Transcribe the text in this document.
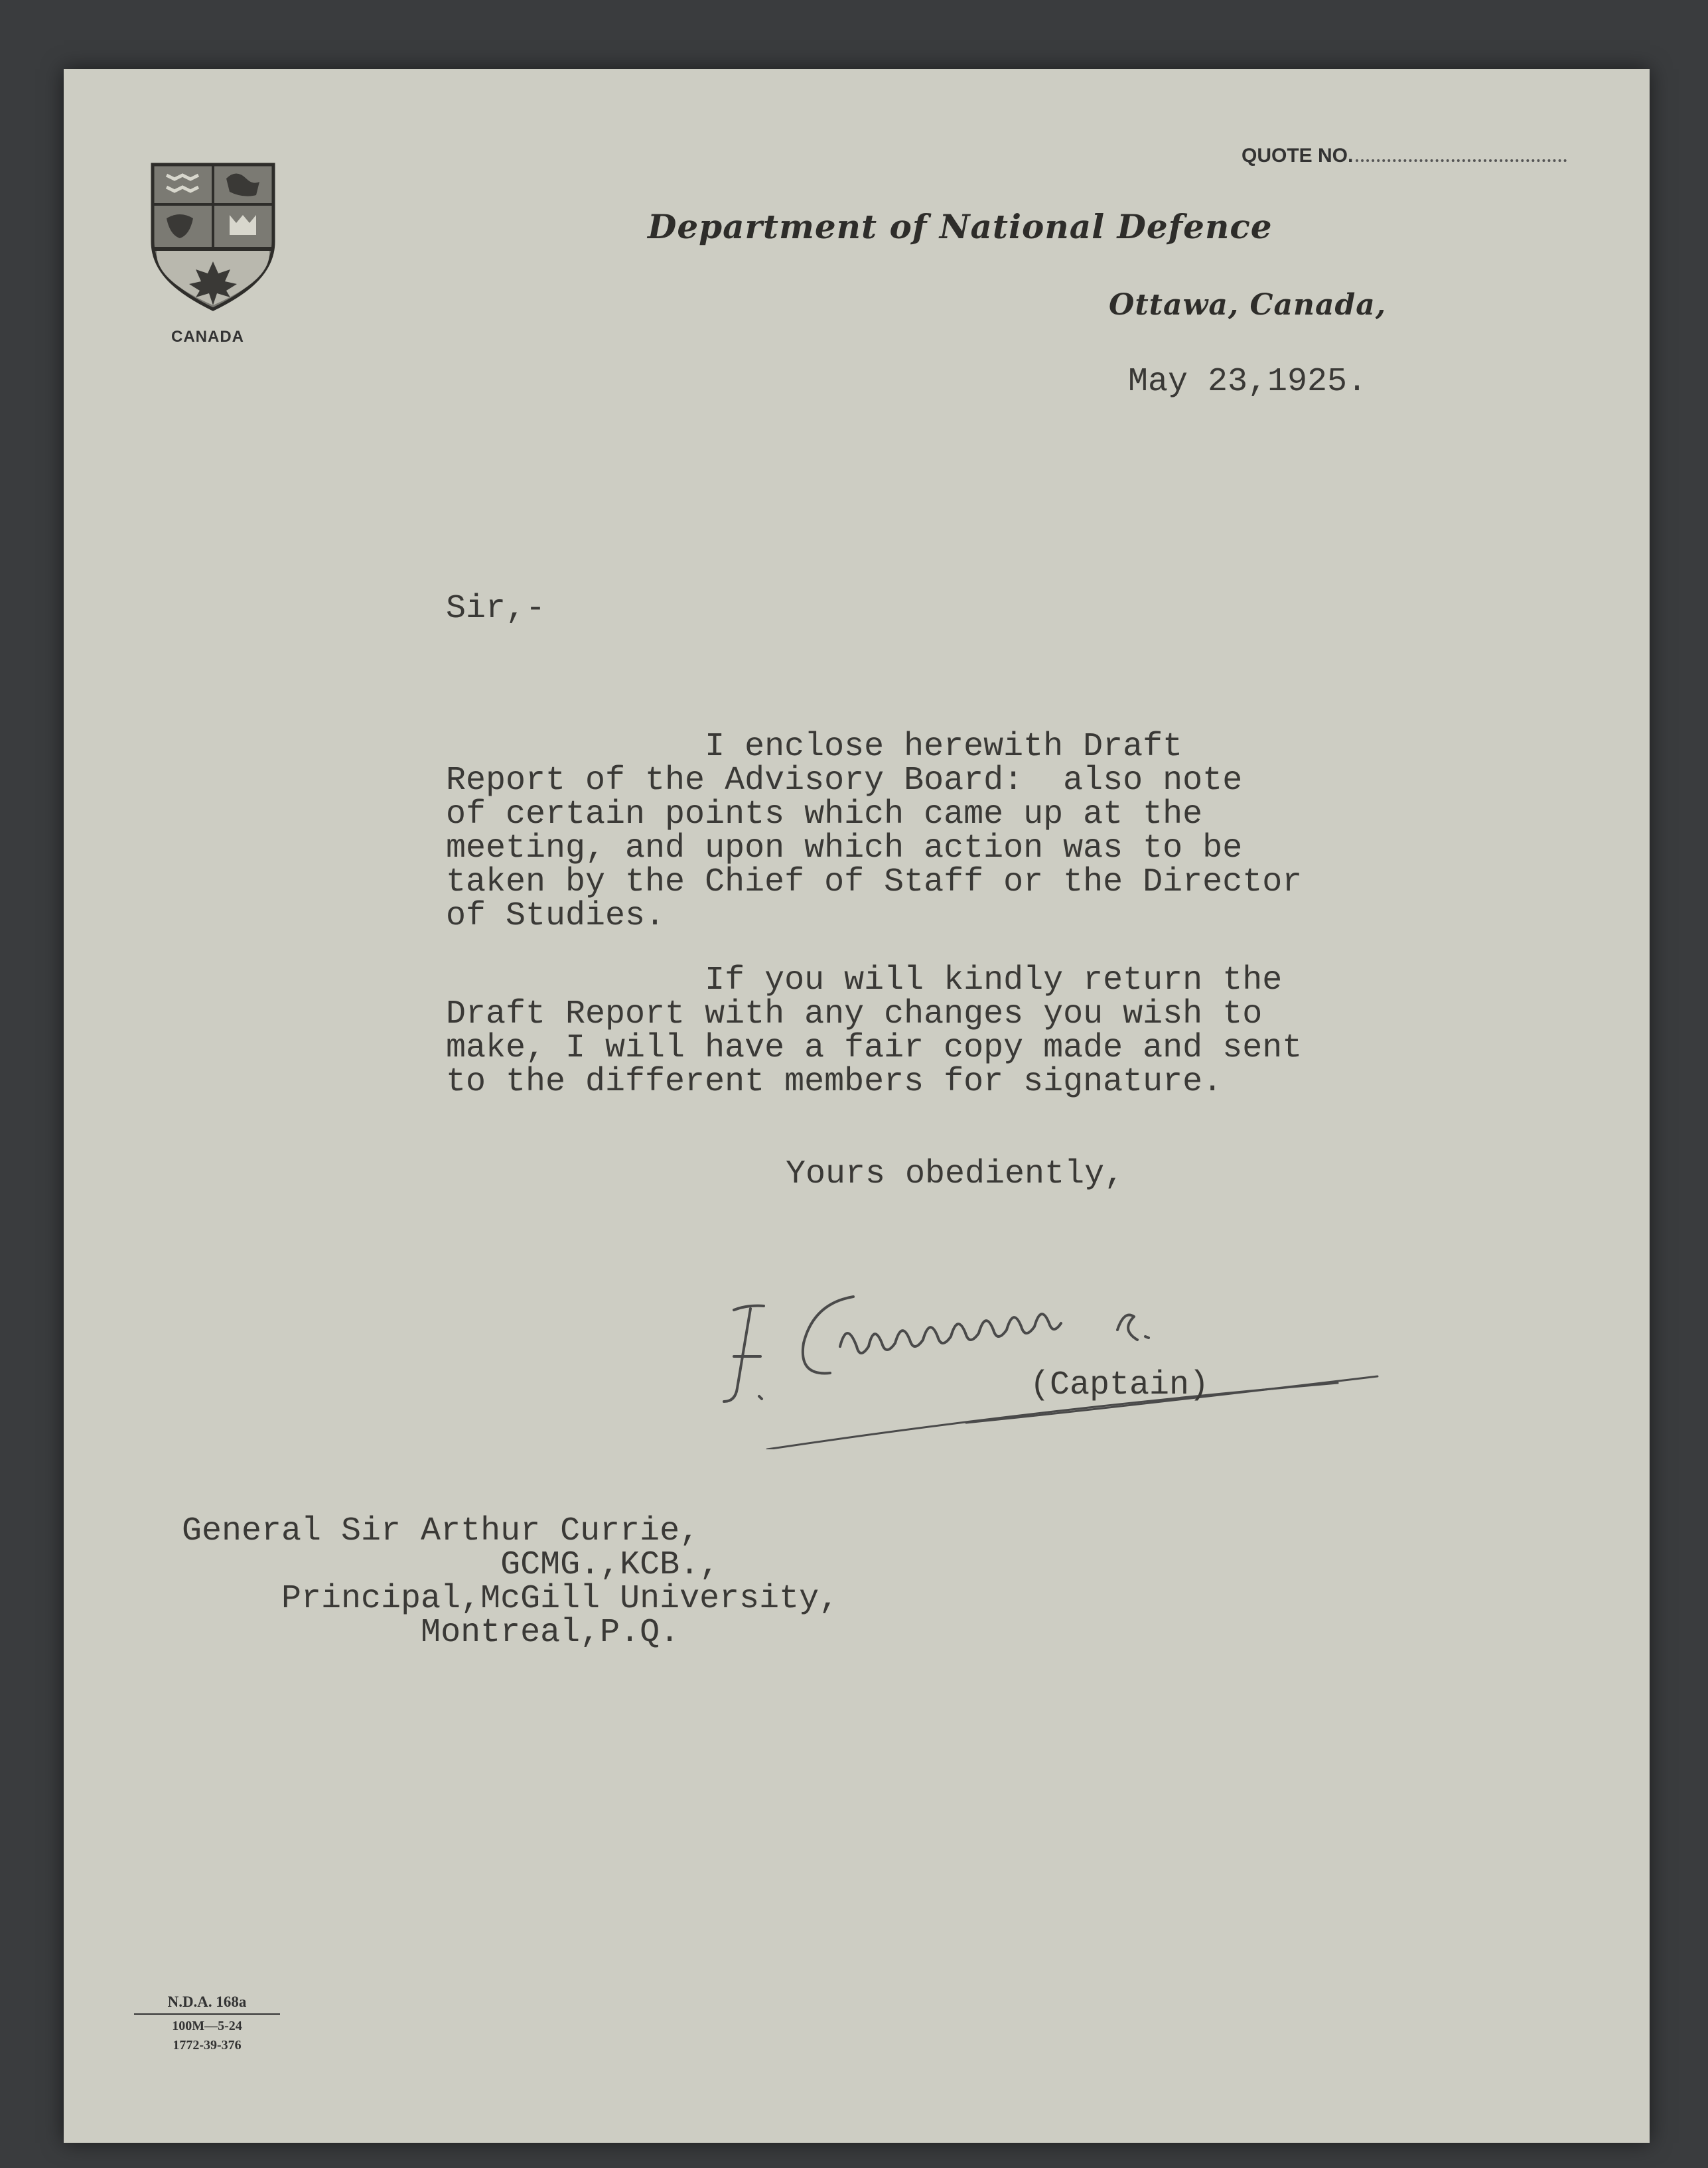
QUOTE NO.
CANADA
Department of National Defence
Ottawa, Canada,
May 23,1925.
Sir,-
I enclose herewith Draft
Report of the Advisory Board:  also note
of certain points which came up at the
meeting, and upon which action was to be
taken by the Chief of Staff or the Director
of Studies.
If you will kindly return the
Draft Report with any changes you wish to
make, I will have a fair copy made and sent
to the different members for signature.
Yours obediently,
(Captain)
General Sir Arthur Currie,
GCMG.,KCB.,
Principal,McGill University,
Montreal,P.Q.
N.D.A. 168a
100M—5-24
1772-39-376
